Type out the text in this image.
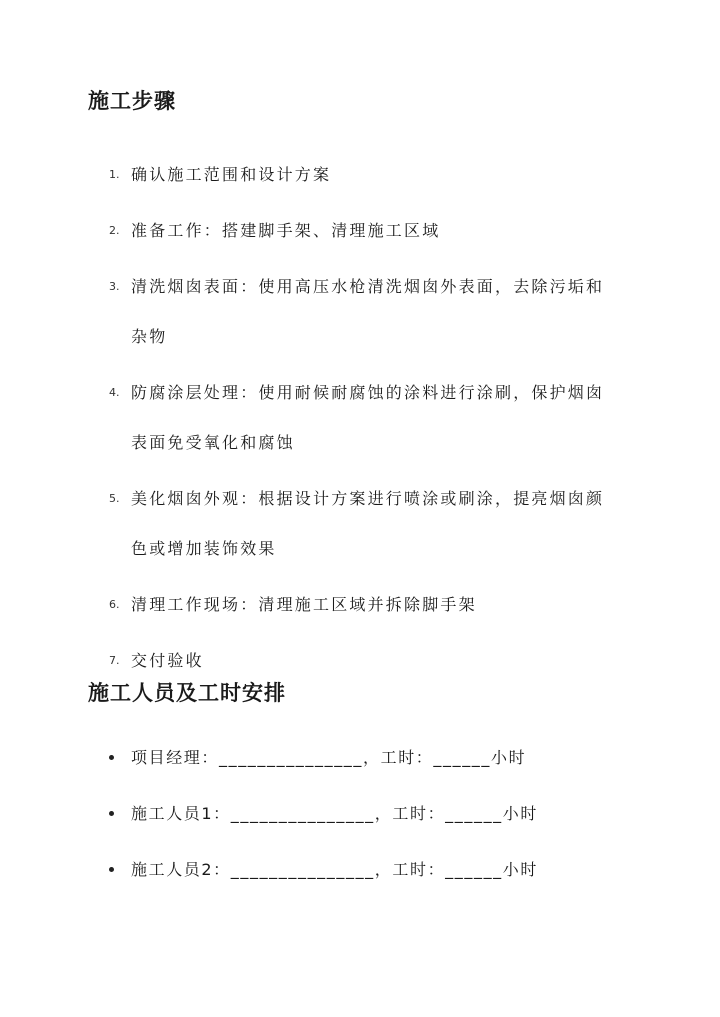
施工步骤
1. 确认施工范围和设计方案
2. 准备工作：搭建脚手架、清理施工区域
3. 清洗烟囱表面：使用高压水枪清洗烟囱外表面，去除污垢和杂物
4. 防腐涂层处理：使用耐候耐腐蚀的涂料进行涂刷，保护烟囱表面免受氧化和腐蚀
5. 美化烟囱外观：根据设计方案进行喷涂或刷涂，提亮烟囱颜色或增加装饰效果
6. 清理工作现场：清理施工区域并拆除脚手架
7. 交付验收
施工人员及工时安排
项目经理：_______________，工时：______小时
施工人员1：_______________，工时：______小时
施工人员2：_______________，工时：______小时
